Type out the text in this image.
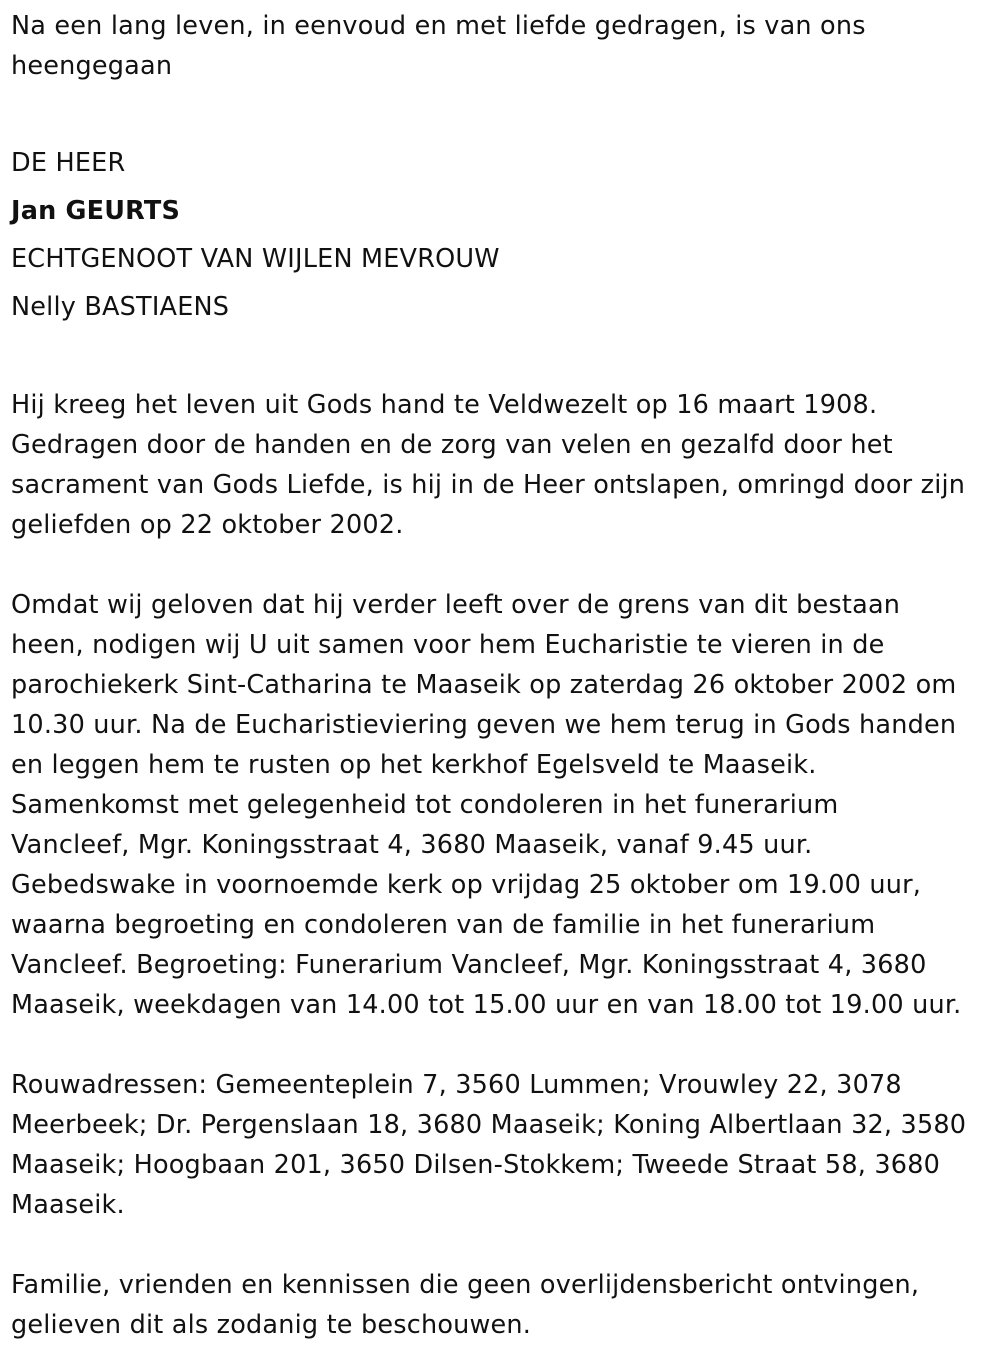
Na een lang leven, in eenvoud en met liefde gedragen, is van ons
heengegaan
DE HEER
Jan GEURTS
ECHTGENOOT VAN WIJLEN MEVROUW
Nelly BASTIAENS
Hij kreeg het leven uit Gods hand te Veldwezelt op 16 maart 1908.
Gedragen door de handen en de zorg van velen en gezalfd door het
sacrament van Gods Liefde, is hij in de Heer ontslapen, omringd door zijn
geliefden op 22 oktober 2002.
Omdat wij geloven dat hij verder leeft over de grens van dit bestaan
heen, nodigen wij U uit samen voor hem Eucharistie te vieren in de
parochiekerk Sint-Catharina te Maaseik op zaterdag 26 oktober 2002 om
10.30 uur. Na de Eucharistieviering geven we hem terug in Gods handen
en leggen hem te rusten op het kerkhof Egelsveld te Maaseik.
Samenkomst met gelegenheid tot condoleren in het funerarium
Vancleef, Mgr. Koningsstraat 4, 3680 Maaseik, vanaf 9.45 uur.
Gebedswake in voornoemde kerk op vrijdag 25 oktober om 19.00 uur,
waarna begroeting en condoleren van de familie in het funerarium
Vancleef. Begroeting: Funerarium Vancleef, Mgr. Koningsstraat 4, 3680
Maaseik, weekdagen van 14.00 tot 15.00 uur en van 18.00 tot 19.00 uur.
Rouwadressen: Gemeenteplein 7, 3560 Lummen; Vrouwley 22, 3078
Meerbeek; Dr. Pergenslaan 18, 3680 Maaseik; Koning Albertlaan 32, 3580
Maaseik; Hoogbaan 201, 3650 Dilsen-Stokkem; Tweede Straat 58, 3680
Maaseik.
Familie, vrienden en kennissen die geen overlijdensbericht ontvingen,
gelieven dit als zodanig te beschouwen.
